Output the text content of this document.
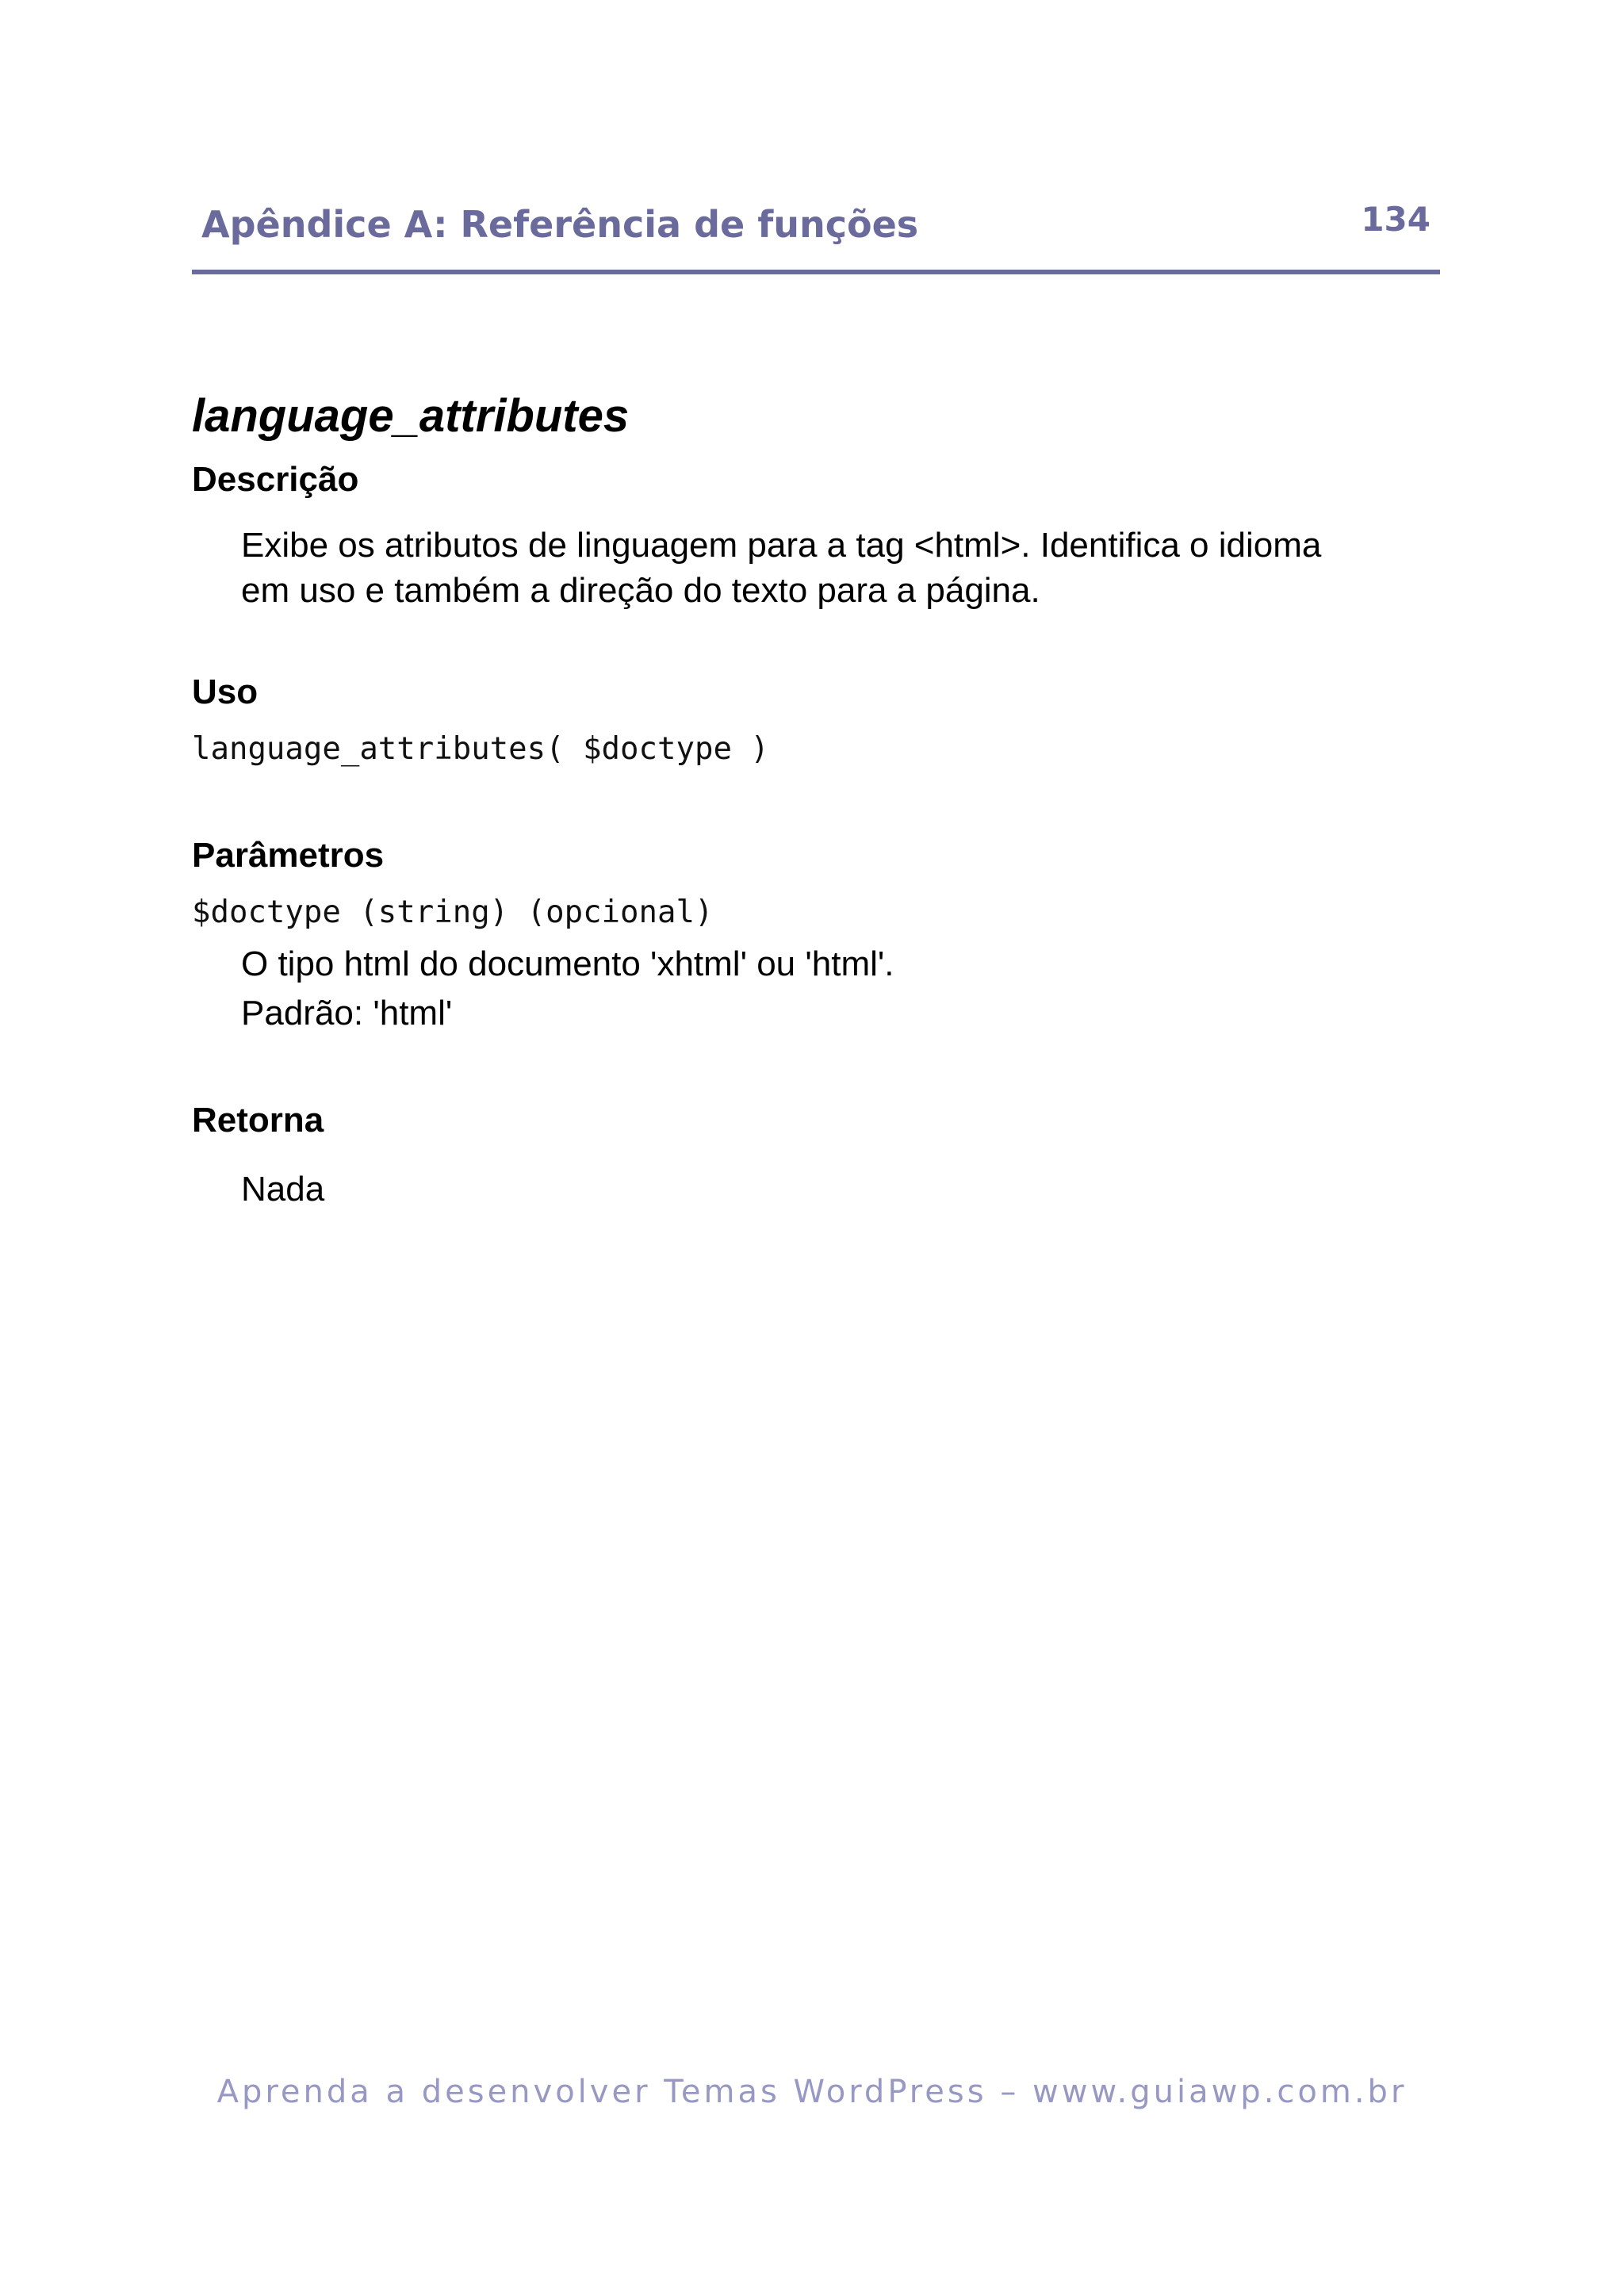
Apêndice A: Referência de funções	134
language_attributes
Descrição

Exibe os atributos de linguagem para a tag <html>. Identifica o idioma

em uso e também a direção do texto para a página.

Uso

language_attributes( $doctype )

Parâmetros

$doctype (string) (opcional)

O tipo html do documento 'xhtml' ou 'html'.

Padrão: 'html'

Retorna

Nada

Aprenda a desenvolver Temas WordPress – www.guiawp.com.br
